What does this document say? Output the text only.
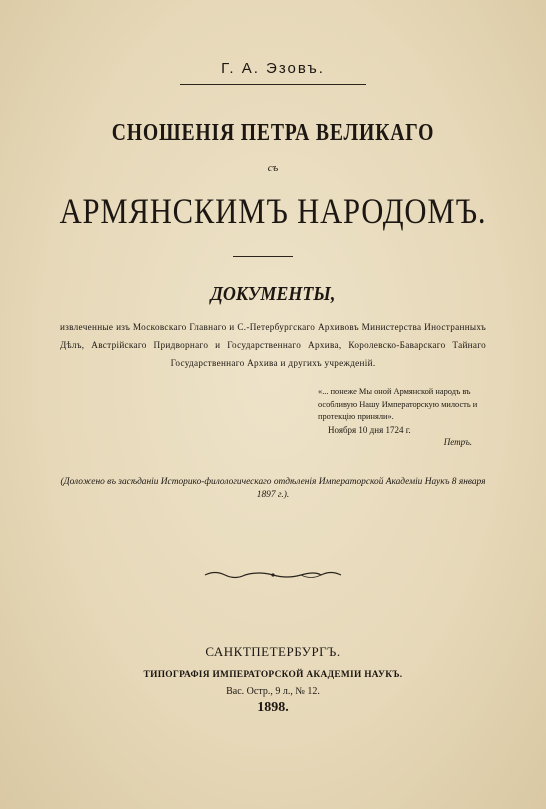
Г. А. Эзовъ.
СНОШЕНІЯ ПЕТРА ВЕЛИКАГО
съ
АРМЯНСКИМЪ НАРОДОМЪ.
ДОКУМЕНТЫ,
извлеченные изъ Московскаго Главнаго и С.-Петербургскаго Архивовъ Министерства Иностранныхъ Дѣлъ, Австрійскаго Придворнаго и Государственнаго Архива, Королевско-Баварскаго Тайнаго Государственнаго Архива и другихъ учрежденій.
«... понеже Мы оной Армянской народъ въ особливую Нашу Императорскую милость и протекцію приняли».
Ноября 10 дня 1724 г.
Петръ.
(Доложено въ засѣданіи Историко-филологическаго отдѣленія Императорской Академіи Наукъ 8 января 1897 г.).
САНКТПЕТЕРБУРГЪ.
ТИПОГРАФІЯ ИМПЕРАТОРСКОЙ АКАДЕМІИ НАУКЪ.
Вас. Остр., 9 л., № 12.
1898.
